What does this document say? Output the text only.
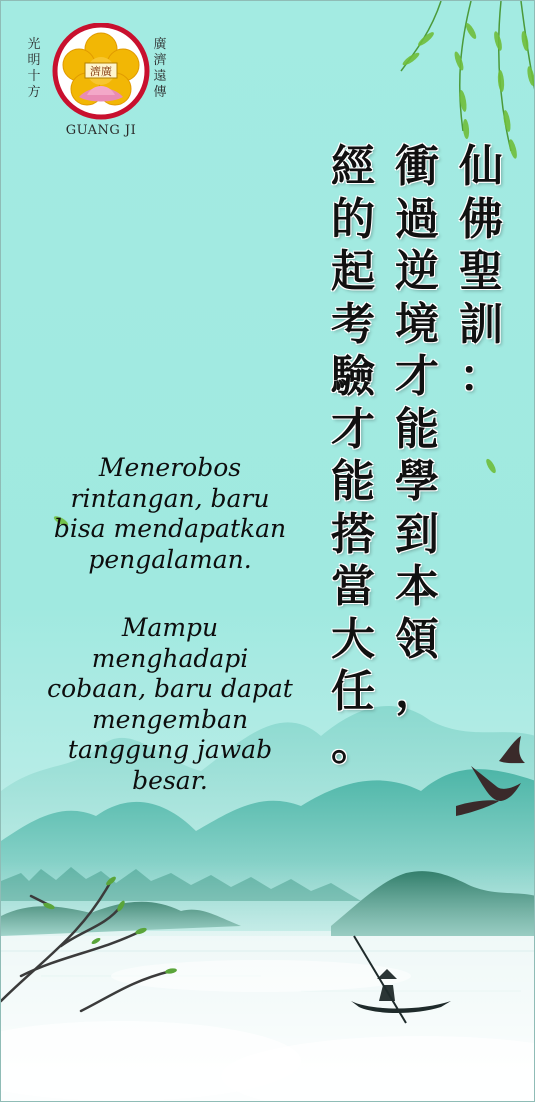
光
明
十
方
濟廣
廣
濟
遠
傳
GUANG JI
仙
佛
聖
訓
：
衝
過
逆
境
才
能
學
到
本
領
，
經
的
起
考
驗
才
能
搭
當
大
任
。
Menerobos
rintangan, baru
bisa mendapatkan
pengalaman.
Mampu
menghadapi
cobaan, baru dapat
mengemban
tanggung jawab
besar.
